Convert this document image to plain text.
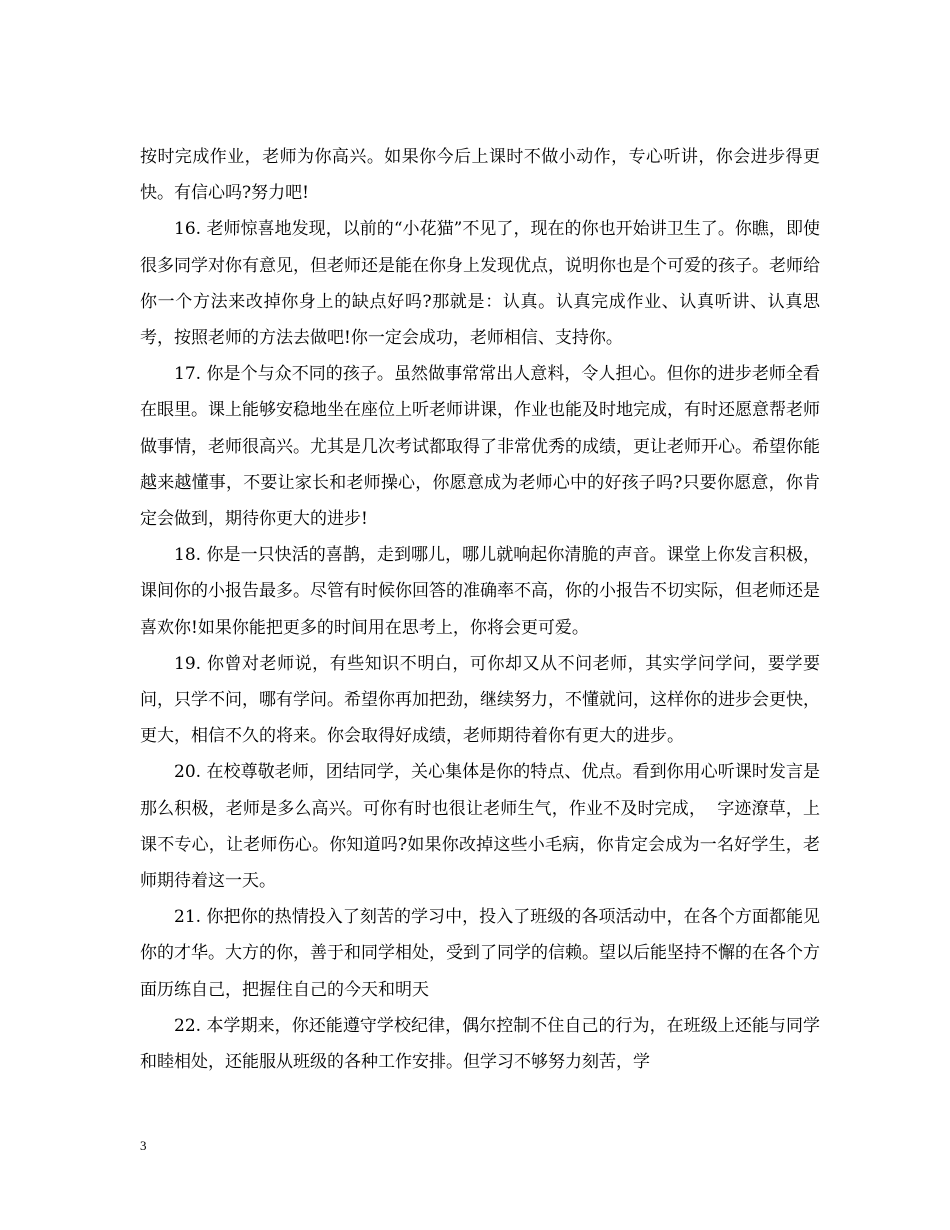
按时完成作业，老师为你高兴。如果你今后上课时不做小动作，专心听讲，你会进步得更快。有信心吗?努力吧!

16. 老师惊喜地发现，以前的“小花猫”不见了，现在的你也开始讲卫生了。你瞧，即使很多同学对你有意见，但老师还是能在你身上发现优点，说明你也是个可爱的孩子。老师给你一个方法来改掉你身上的缺点好吗?那就是：认真。认真完成作业、认真听讲、认真思考，按照老师的方法去做吧!你一定会成功，老师相信、支持你。

17. 你是个与众不同的孩子。虽然做事常常出人意料，令人担心。但你的进步老师全看在眼里。课上能够安稳地坐在座位上听老师讲课，作业也能及时地完成，有时还愿意帮老师做事情，老师很高兴。尤其是几次考试都取得了非常优秀的成绩，更让老师开心。希望你能越来越懂事，不要让家长和老师操心，你愿意成为老师心中的好孩子吗?只要你愿意，你肯定会做到，期待你更大的进步!

18. 你是一只快活的喜鹊，走到哪儿，哪儿就响起你清脆的声音。课堂上你发言积极，课间你的小报告最多。尽管有时候你回答的准确率不高，你的小报告不切实际，但老师还是喜欢你!如果你能把更多的时间用在思考上，你将会更可爱。

19. 你曾对老师说，有些知识不明白，可你却又从不问老师，其实学问学问，要学要问，只学不问，哪有学问。希望你再加把劲，继续努力，不懂就问，这样你的进步会更快，更大，相信不久的将来。你会取得好成绩，老师期待着你有更大的进步。

20. 在校尊敬老师，团结同学，关心集体是你的特点、优点。看到你用心听课时发言是那么积极，老师是多么高兴。可你有时也很让老师生气，作业不及时完成，  字迹潦草，上课不专心，让老师伤心。你知道吗?如果你改掉这些小毛病，你肯定会成为一名好学生，老师期待着这一天。

21. 你把你的热情投入了刻苦的学习中，投入了班级的各项活动中，在各个方面都能见你的才华。大方的你，善于和同学相处，受到了同学的信赖。望以后能坚持不懈的在各个方面历练自己，把握住自己的今天和明天

22. 本学期来，你还能遵守学校纪律，偶尔控制不住自己的行为，在班级上还能与同学和睦相处，还能服从班级的各种工作安排。但学习不够努力刻苦，学

3
